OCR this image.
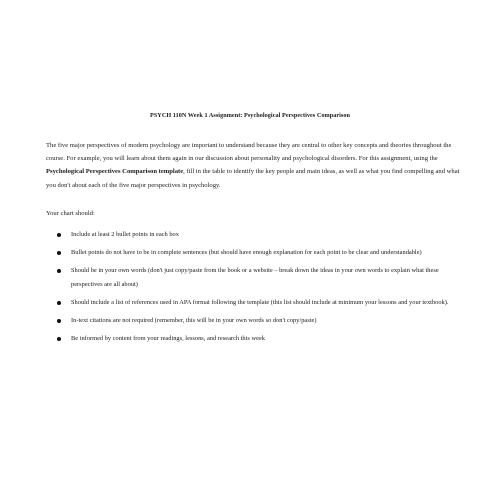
PSYCH 110N Week 1 Assignment: Psychological Perspectives Comparison

The five major perspectives of modern psychology are important to understand because they are central to other key concepts and theories throughout the course. For example, you will learn about them again in our discussion about personality and psychological disorders. For this assignment, using the Psychological Perspectives Comparison template, fill in the table to identify the key people and main ideas, as well as what you find compelling and what you don't about each of the five major perspectives in psychology.

Your chart should:

Include at least 2 bullet points in each box
Bullet points do not have to be in complete sentences (but should have enough explanation for each point to be clear and understandable)
Should be in your own words (don't just copy/paste from the book or a website – break down the ideas in your own words to explain what these perspectives are all about)
Should include a list of references used in APA format following the template (this list should include at minimum your lessons and your textbook).
In-text citations are not required (remember, this will be in your own words so don't copy/paste)
Be informed by content from your readings, lessons, and research this week
